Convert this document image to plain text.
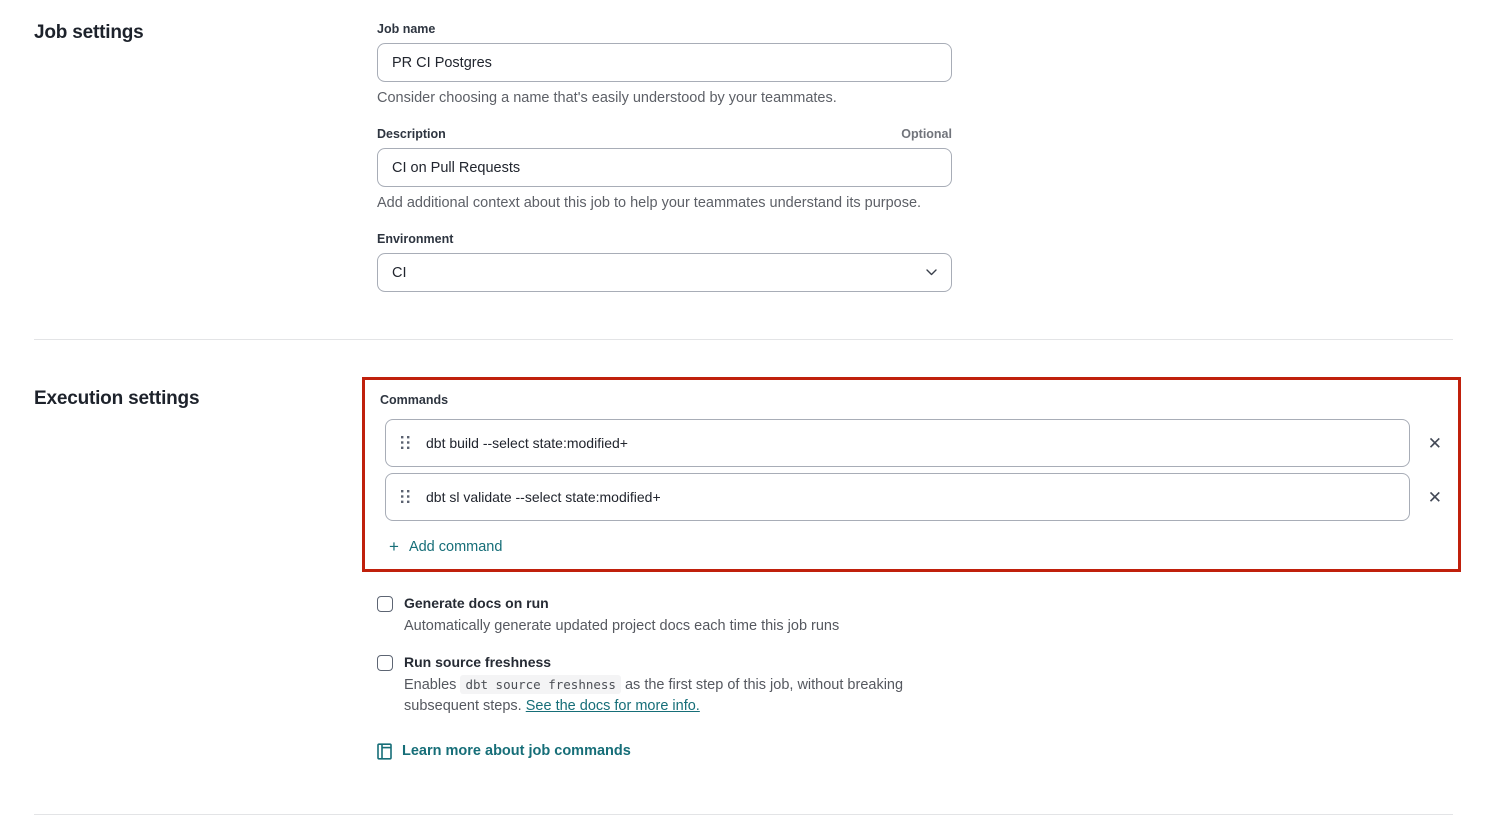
Job settings	Job name
PR CI Postgres

Consider choosing a name that's easily understood by your teammates.

Description	Optional
CI on Pull Requests

Add additional context about this job to help your teammates understand its purpose.

Environment
CI
Execution settings	Commands
dbt build --select state:modified+	✕
dbt sl validate --select state:modified+	✕
+ Add command
Generate docs on run
Automatically generate updated project docs each time this job runs
Run source freshness
Enables dbt source freshness as the first step of this job, without breaking subsequent steps. See the docs for more info.
Learn more about job commands
